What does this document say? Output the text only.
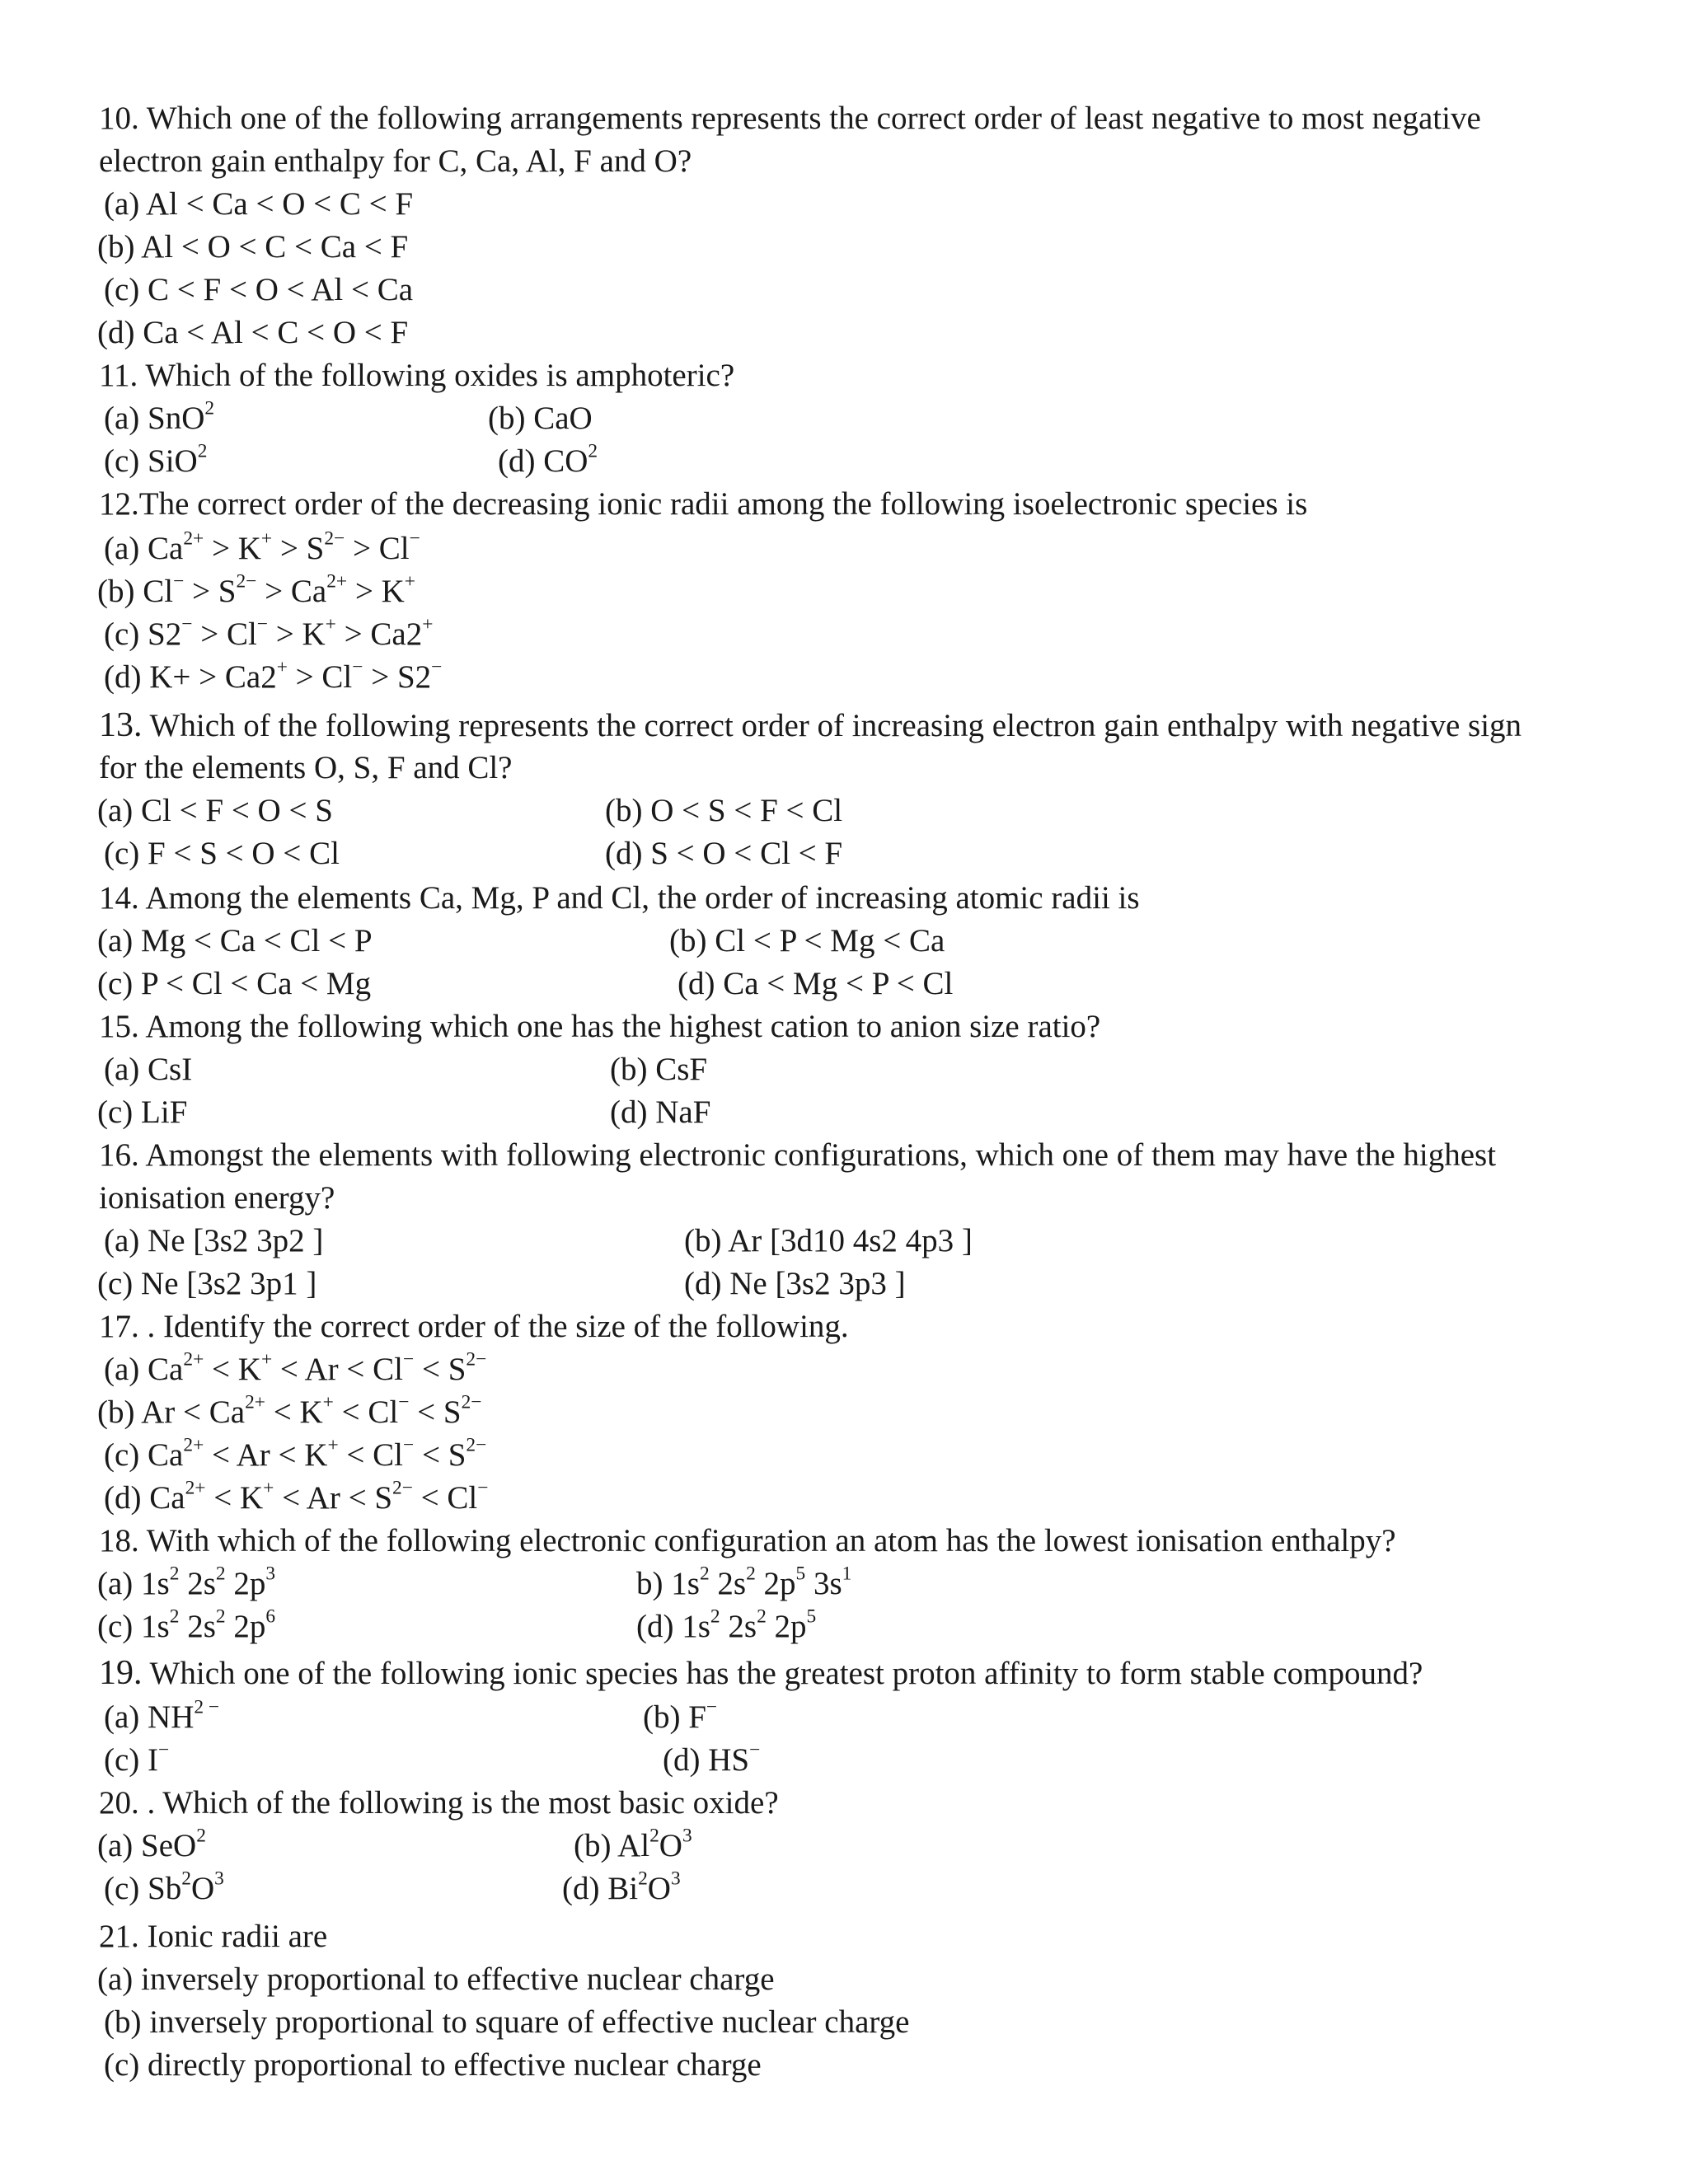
10. Which one of the following arrangements represents the correct order of least negative to most negative
electron gain enthalpy for C, Ca, Al, F and O?
(a) Al < Ca < O < C < F
(b) Al < O < C < Ca < F
(c) C < F < O < Al < Ca
(d) Ca < Al < C < O < F
11. Which of the following oxides is amphoteric?
(a) SnO$^2$	(b) CaO
(c) SiO$^2$	(d) $CO^2$
12.The correct order of the decreasing ionic radii among the following isoelectronic species is
(a) $Ca^{2+} > K^+ > S^{2-} > Cl^-$
(b) $Cl^- > S^{2-} > Ca^{2+} > K^+$
(c) S2− > Cl− > K+ > Ca2+
(d) K+ > Ca2+ > Cl− > S2−
13. Which of the following represents the correct order of increasing electron gain enthalpy with negative sign
for the elements O, S, F and Cl?
(a) Cl < F < O < S	(b) O < S < F < Cl
(c) F < S < O < Cl	(d) S < O < Cl < F
14. Among the elements Ca, Mg, P and Cl, the order of increasing atomic radii is
(a) Mg < Ca < Cl < P	(b) Cl < P < Mg < Ca
(c) P < Cl < Ca < Mg	(d) Ca < Mg < P < Cl
15. Among the following which one has the highest cation to anion size ratio?
(a) CsI	(b) CsF
(c) LiF	(d) NaF
16. Amongst the elements with following electronic configurations, which one of them may have the highest
ionisation energy?
(a) Ne [3s2 3p2 ]	(b) Ar [3d10 4s2 4p3 ]
(c) Ne [3s2 3p1 ]	(d) Ne [3s2 3p3 ]
17. . Identify the correct order of the size of the following.
(a) $Ca^{2+} < K^+ < Ar < Cl^- < S^{2-}$
(b) $Ar < Ca^{2+} < K^+ < Cl^- < S^{2-}$
(c) $Ca^{2+} < Ar < K^+ < Cl^- < S^{2-}$
(d) $Ca^{2+} < K^+ < Ar < S^{2-} < Cl^-$
18. With which of the following electronic configuration an atom has the lowest ionisation enthalpy?
(a) $1s^2$ $2s^2$ $2p^3$	b) $1s^2$ $2s^2$ $2p^5$ $3s^1$
(c) $1s^2$ $2s^2$ $2p^6$	(d) $1s^2$ $2s^2$ $2p^5$
19. Which one of the following ionic species has the greatest proton affinity to form stable compound?
(a) $NH^{2 -}$	(b) F−
(c) I−	(d) HS−
20. . Which of the following is the most basic oxide?
(a) SeO$^2$	(b) $Al^2O^3$
(c) $Sb^2O^3$	(d) $Bi^2O^3$
21. Ionic radii are
(a) inversely proportional to effective nuclear charge
(b) inversely proportional to square of effective nuclear charge
(c) directly proportional to effective nuclear charge
